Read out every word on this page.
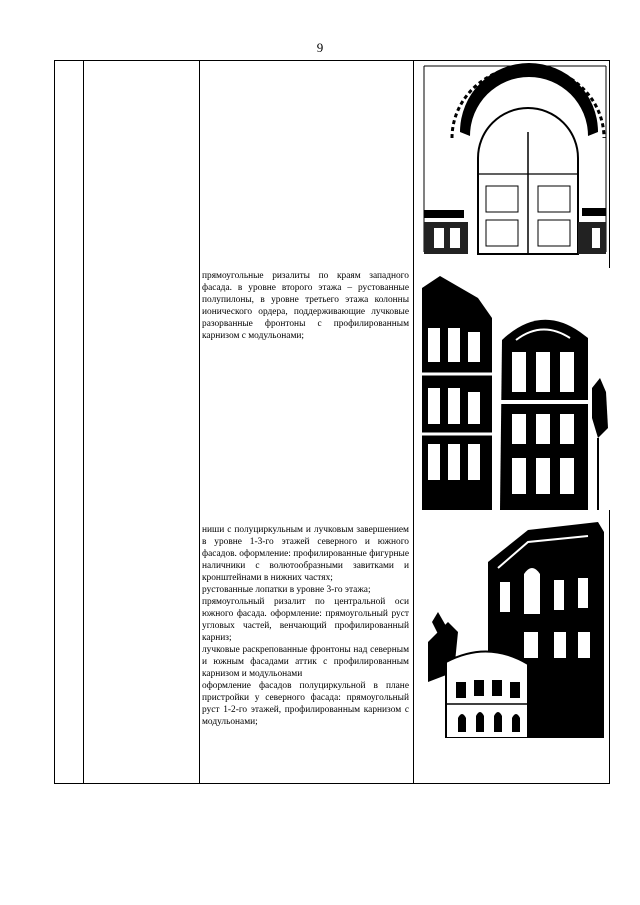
9
прямоугольные ризалиты по краям западного фасада. в уровне второго этажа – рустованные полупилоны, в уровне третьего этажа колонны ионического ордера, поддерживающие лучковые разорванные фронтоны с профилированным карнизом с модульонами;
ниши с полуциркульным и лучковым завершением в уровне 1-3-го этажей северного и южного фасадов. оформление: профилированные фигурные наличники с волютообразными завитками и кронштейнами в нижних частях;
рустованные лопатки в уровне 3-го этажа;
прямоугольный ризалит по центральной оси южного фасада. оформление: прямоугольный руст угловых частей, венчающий профилированный карниз;
лучковые раскрепованные фронтоны над северным и южным фасадами аттик с профилированным карнизом и модульонами
оформление фасадов полуциркульной в плане пристройки у северного фасада: прямоугольный руст 1-2-го этажей, профилированным карнизом с модульонами;
